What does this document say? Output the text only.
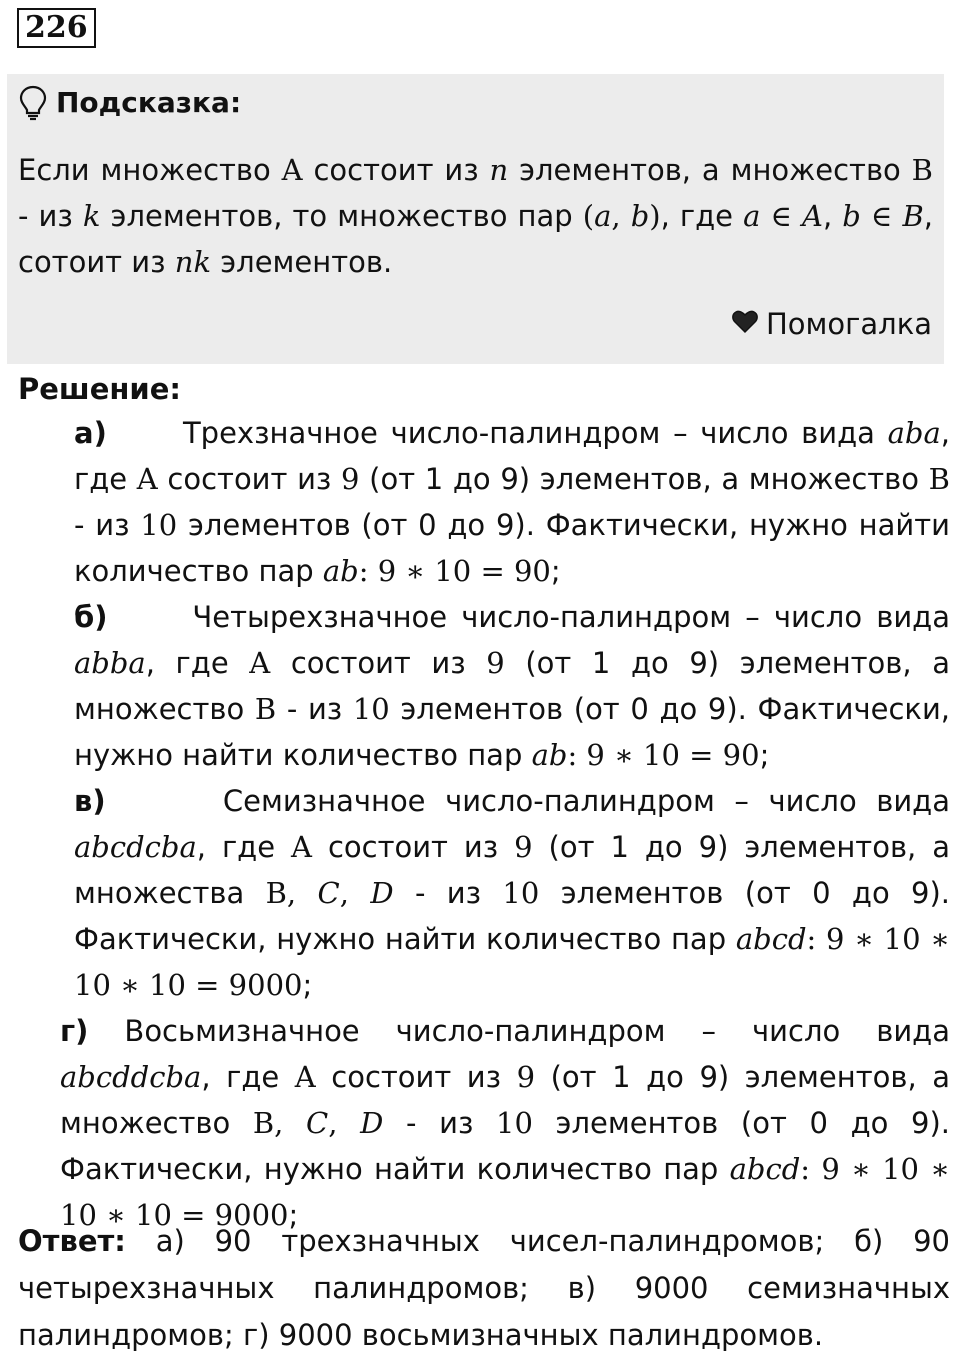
226
Подсказка:

Если множество A состоит из n элементов, а множество B - из k элементов, то множество пар (a, b), где a ∈ A, b ∈ B, сотоит из nk элементов.

Помогалка
Решение:

а)      Трехзначное число-палиндром – число вида aba, где A состоит из 9 (от 1 до 9) элементов, а множество B - из 10 элементов (от 0 до 9). Фактически, нужно найти количество пар ab: 9 ∗ 10 = 90;

б)      Четырехзначное число-палиндром – число вида abba, где A состоит из 9 (от 1 до 9) элементов, а множество B - из 10 элементов (от 0 до 9). Фактически, нужно найти количество пар ab: 9 ∗ 10 = 90;

в)      Семизначное число-палиндром – число вида abcdcba, где A состоит из 9 (от 1 до 9) элементов, а множества B, C, D - из 10 элементов (от 0 до 9). Фактически, нужно найти количество пар abcd: 9 ∗ 10 ∗ 10 ∗ 10 = 9000;

г) Восьмизначное число-палиндром – число вида abcddcba, где A состоит из 9 (от 1 до 9) элементов, а множество B, C, D - из 10 элементов (от 0 до 9). Фактически, нужно найти количество пар abcd: 9 ∗ 10 ∗ 10 ∗ 10 = 9000;

Ответ: а) 90 трехзначных чисел-палиндромов; б) 90 четырехзначных палиндромов; в) 9000 семизначных палиндромов; г) 9000 восьмизначных палиндромов.
